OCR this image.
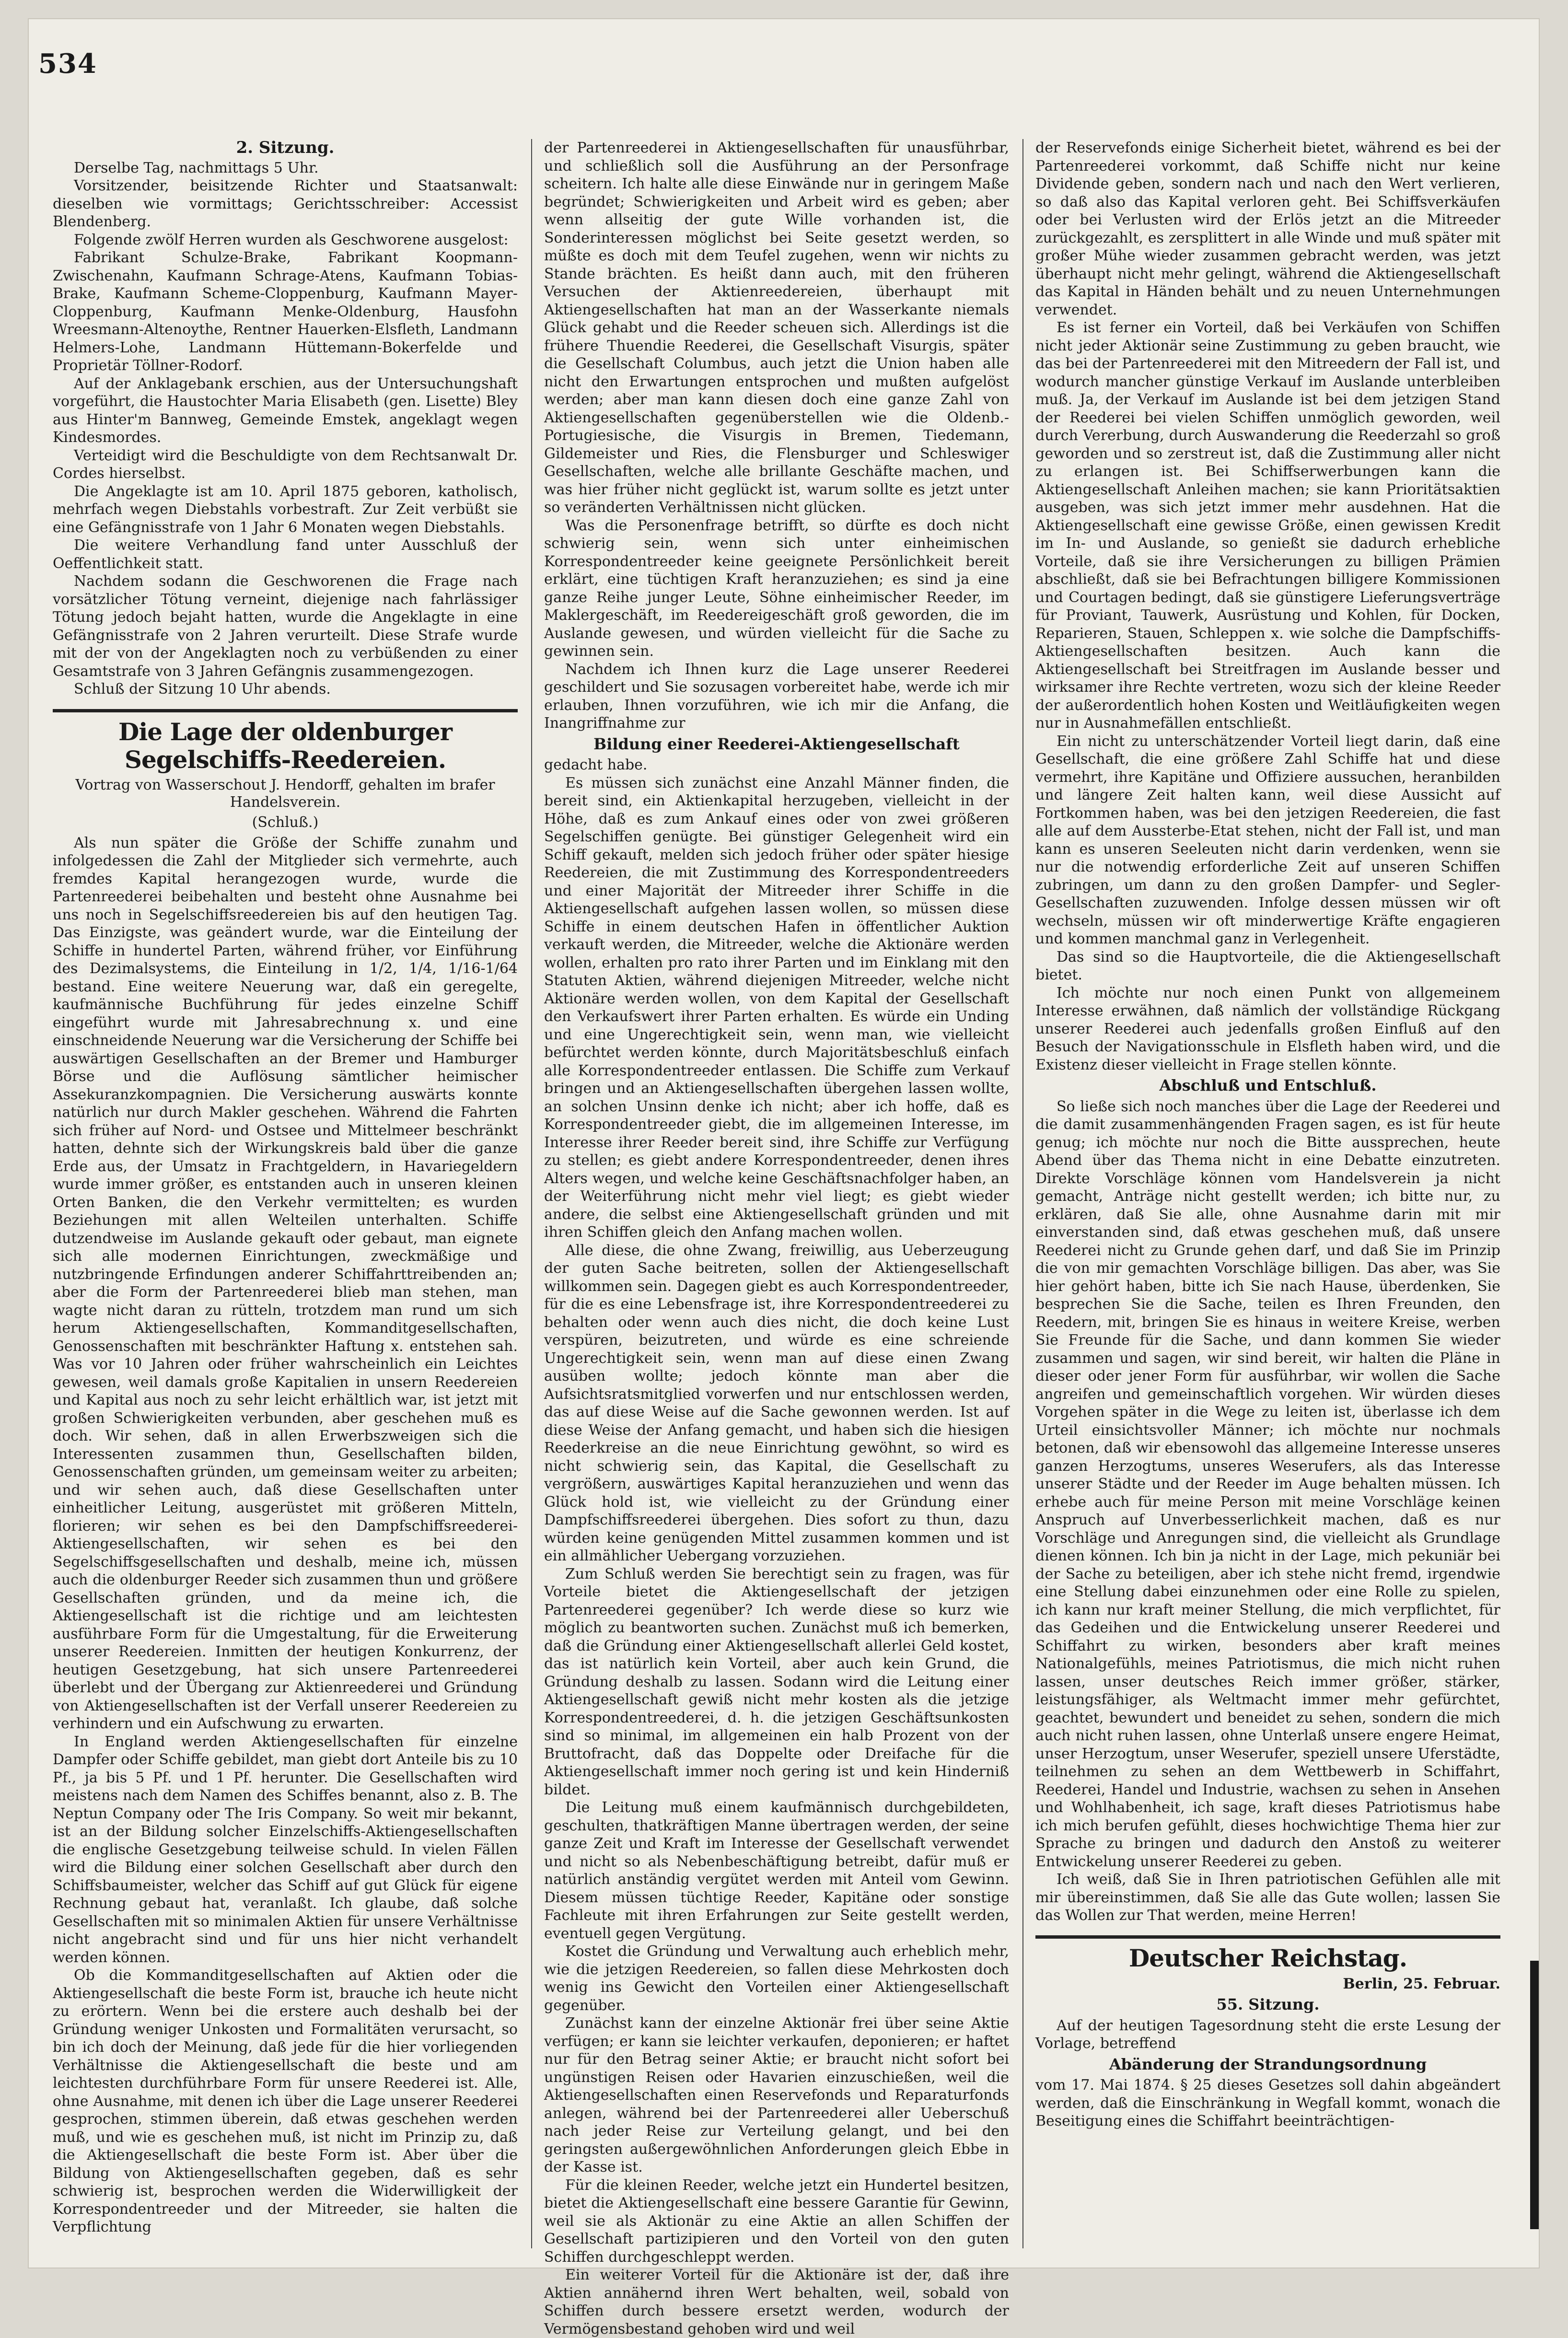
534
2. Sitzung.

Derselbe Tag, nachmittags 5 Uhr.

Vorsitzender, beisitzende Richter und Staatsanwalt: dieselben wie vormittags; Gerichtsschreiber: Accessist Blendenberg.

Folgende zwölf Herren wurden als Geschworene ausgelost:

Fabrikant Schulze-Brake, Fabrikant Koopmann-Zwischenahn, Kaufmann Schrage-Atens, Kaufmann Tobias-Brake, Kaufmann Scheme-Cloppenburg, Kaufmann Mayer-Cloppenburg, Kaufmann Menke-Oldenburg, Hausfohn Wreesmann-Altenoythe, Rentner Hauerken-Elsfleth, Landmann Helmers-Lohe, Landmann Hüttemann-Bokerfelde und Proprietär Töllner-Rodorf.

Auf der Anklagebank erschien, aus der Untersuchungshaft vorgeführt, die Haustochter Maria Elisabeth (gen. Lisette) Bley aus Hinter'm Bannweg, Gemeinde Emstek, angeklagt wegen Kindesmordes.

Verteidigt wird die Beschuldigte von dem Rechtsanwalt Dr. Cordes hierselbst.

Die Angeklagte ist am 10. April 1875 geboren, katholisch, mehrfach wegen Diebstahls vorbestraft. Zur Zeit verbüßt sie eine Gefängnisstrafe von 1 Jahr 6 Monaten wegen Diebstahls.

Die weitere Verhandlung fand unter Ausschluß der Oeffentlichkeit statt.

Nachdem sodann die Geschworenen die Frage nach vorsätzlicher Tötung verneint, diejenige nach fahrlässiger Tötung jedoch bejaht hatten, wurde die Angeklagte in eine Gefängnisstrafe von 2 Jahren verurteilt. Diese Strafe wurde mit der von der Angeklagten noch zu verbüßenden zu einer Gesamtstrafe von 3 Jahren Gefängnis zusammengezogen.

Schluß der Sitzung 10 Uhr abends.

Die Lage der oldenburger Segelschiffs-Reedereien.
Vortrag von Wasserschout J. Hendorff, gehalten im brafer Handelsverein.
(Schluß.)

Als nun später die Größe der Schiffe zunahm und infolgedessen die Zahl der Mitglieder sich vermehrte, auch fremdes Kapital herangezogen wurde, wurde die Partenreederei beibehalten und besteht ohne Ausnahme bei uns noch in Segelschiffsreedereien bis auf den heutigen Tag. Das Einzigste, was geändert wurde, war die Einteilung der Schiffe in hundertel Parten, während früher, vor Einführung des Dezimalsystems, die Einteilung in 1/2, 1/4, 1/16-1/64 bestand. Eine weitere Neuerung war, daß ein geregelte, kaufmännische Buchführung für jedes einzelne Schiff eingeführt wurde mit Jahresabrechnung x. und eine einschneidende Neuerung war die Versicherung der Schiffe bei auswärtigen Gesellschaften an der Bremer und Hamburger Börse und die Auflösung sämtlicher heimischer Assekuranzkompagnien. Die Versicherung auswärts konnte natürlich nur durch Makler geschehen. Während die Fahrten sich früher auf Nord- und Ostsee und Mittelmeer beschränkt hatten, dehnte sich der Wirkungskreis bald über die ganze Erde aus, der Umsatz in Frachtgeldern, in Havariegeldern wurde immer größer, es entstanden auch in unseren kleinen Orten Banken, die den Verkehr vermittelten; es wurden Beziehungen mit allen Welteilen unterhalten. Schiffe dutzendweise im Auslande gekauft oder gebaut, man eignete sich alle modernen Einrichtungen, zweckmäßige und nutzbringende Erfindungen anderer Schiffahrttreibenden an; aber die Form der Partenreederei blieb man stehen, man wagte nicht daran zu rütteln, trotzdem man rund um sich herum Aktiengesellschaften, Kommanditgesellschaften, Genossenschaften mit beschränkter Haftung x. entstehen sah. Was vor 10 Jahren oder früher wahrscheinlich ein Leichtes gewesen, weil damals große Kapitalien in unsern Reedereien und Kapital aus noch zu sehr leicht erhältlich war, ist jetzt mit großen Schwierigkeiten verbunden, aber geschehen muß es doch. Wir sehen, daß in allen Erwerbszweigen sich die Interessenten zusammen thun, Gesellschaften bilden, Genossenschaften gründen, um gemeinsam weiter zu arbeiten; und wir sehen auch, daß diese Gesellschaften unter einheitlicher Leitung, ausgerüstet mit größeren Mitteln, florieren; wir sehen es bei den Dampfschiffsreederei-Aktiengesellschaften, wir sehen es bei den Segelschiffsgesellschaften und deshalb, meine ich, müssen auch die oldenburger Reeder sich zusammen thun und größere Gesellschaften gründen, und da meine ich, die Aktiengesellschaft ist die richtige und am leichtesten ausführbare Form für die Umgestaltung, für die Erweiterung unserer Reedereien. Inmitten der heutigen Konkurrenz, der heutigen Gesetzgebung, hat sich unsere Partenreederei überlebt und der Übergang zur Aktienreederei und Gründung von Aktiengesellschaften ist der Verfall unserer Reedereien zu verhindern und ein Aufschwung zu erwarten.

In England werden Aktiengesellschaften für einzelne Dampfer oder Schiffe gebildet, man giebt dort Anteile bis zu 10 Pf., ja bis 5 Pf. und 1 Pf. herunter. Die Gesellschaften wird meistens nach dem Namen des Schiffes benannt, also z. B. The Neptun Company oder The Iris Company. So weit mir bekannt, ist an der Bildung solcher Einzelschiffs-Aktiengesellschaften die englische Gesetzgebung teilweise schuld. In vielen Fällen wird die Bildung einer solchen Gesellschaft aber durch den Schiffsbaumeister, welcher das Schiff auf gut Glück für eigene Rechnung gebaut hat, veranlaßt. Ich glaube, daß solche Gesellschaften mit so minimalen Aktien für unsere Verhältnisse nicht angebracht sind und für uns hier nicht verhandelt werden können.

Ob die Kommanditgesellschaften auf Aktien oder die Aktiengesellschaft die beste Form ist, brauche ich heute nicht zu erörtern. Wenn bei die erstere auch deshalb bei der Gründung weniger Unkosten und Formalitäten verursacht, so bin ich doch der Meinung, daß jede für die hier vorliegenden Verhältnisse die Aktiengesellschaft die beste und am leichtesten durchführbare Form für unsere Reederei ist. Alle, ohne Ausnahme, mit denen ich über die Lage unserer Reederei gesprochen, stimmen überein, daß etwas geschehen werden muß, und wie es geschehen muß, ist nicht im Prinzip zu, daß die Aktiengesellschaft die beste Form ist. Aber über die Bildung von Aktiengesellschaften gegeben, daß es sehr schwierig ist, besprochen werden die Widerwilligkeit der Korrespondentreeder und der Mitreeder, sie halten die Verpflichtung

der Partenreederei in Aktiengesellschaften für unausführbar, und schließlich soll die Ausführung an der Personfrage scheitern. Ich halte alle diese Einwände nur in geringem Maße begründet; Schwierigkeiten und Arbeit wird es geben; aber wenn allseitig der gute Wille vorhanden ist, die Sonderinteressen möglichst bei Seite gesetzt werden, so müßte es doch mit dem Teufel zugehen, wenn wir nichts zu Stande brächten. Es heißt dann auch, mit den früheren Versuchen der Aktienreedereien, überhaupt mit Aktiengesellschaften hat man an der Wasserkante niemals Glück gehabt und die Reeder scheuen sich. Allerdings ist die frühere Thuendie Reederei, die Gesellschaft Visurgis, später die Gesellschaft Columbus, auch jetzt die Union haben alle nicht den Erwartungen entsprochen und mußten aufgelöst werden; aber man kann diesen doch eine ganze Zahl von Aktiengesellschaften gegenüberstellen wie die Oldenb.-Portugiesische, die Visurgis in Bremen, Tiedemann, Gildemeister und Ries, die Flensburger und Schleswiger Gesellschaften, welche alle brillante Geschäfte machen, und was hier früher nicht geglückt ist, warum sollte es jetzt unter so veränderten Verhältnissen nicht glücken.

Was die Personenfrage betrifft, so dürfte es doch nicht schwierig sein, wenn sich unter einheimischen Korrespondentreeder keine geeignete Persönlichkeit bereit erklärt, eine tüchtigen Kraft heranzuziehen; es sind ja eine ganze Reihe junger Leute, Söhne einheimischer Reeder, im Maklergeschäft, im Reedereigeschäft groß geworden, die im Auslande gewesen, und würden vielleicht für die Sache zu gewinnen sein.

Nachdem ich Ihnen kurz die Lage unserer Reederei geschildert und Sie sozusagen vorbereitet habe, werde ich mir erlauben, Ihnen vorzuführen, wie ich mir die Anfang, die Inangriffnahme zur

Bildung einer Reederei-Aktiengesellschaft

gedacht habe.

Es müssen sich zunächst eine Anzahl Männer finden, die bereit sind, ein Aktienkapital herzugeben, vielleicht in der Höhe, daß es zum Ankauf eines oder von zwei größeren Segelschiffen genügte. Bei günstiger Gelegenheit wird ein Schiff gekauft, melden sich jedoch früher oder später hiesige Reedereien, die mit Zustimmung des Korrespondentreeders und einer Majorität der Mitreeder ihrer Schiffe in die Aktiengesellschaft aufgehen lassen wollen, so müssen diese Schiffe in einem deutschen Hafen in öffentlicher Auktion verkauft werden, die Mitreeder, welche die Aktionäre werden wollen, erhalten pro rato ihrer Parten und im Einklang mit den Statuten Aktien, während diejenigen Mitreeder, welche nicht Aktionäre werden wollen, von dem Kapital der Gesellschaft den Verkaufswert ihrer Parten erhalten. Es würde ein Unding und eine Ungerechtigkeit sein, wenn man, wie vielleicht befürchtet werden könnte, durch Majoritätsbeschluß einfach alle Korrespondentreeder entlassen. Die Schiffe zum Verkauf bringen und an Aktiengesellschaften übergehen lassen wollte, an solchen Unsinn denke ich nicht; aber ich hoffe, daß es Korrespondentreeder giebt, die im allgemeinen Interesse, im Interesse ihrer Reeder bereit sind, ihre Schiffe zur Verfügung zu stellen; es giebt andere Korrespondentreeder, denen ihres Alters wegen, und welche keine Geschäftsnachfolger haben, an der Weiterführung nicht mehr viel liegt; es giebt wieder andere, die selbst eine Aktiengesellschaft gründen und mit ihren Schiffen gleich den Anfang machen wollen.

Alle diese, die ohne Zwang, freiwillig, aus Ueberzeugung der guten Sache beitreten, sollen der Aktiengesellschaft willkommen sein. Dagegen giebt es auch Korrespondentreeder, für die es eine Lebensfrage ist, ihre Korrespondentreederei zu behalten oder wenn auch dies nicht, die doch keine Lust verspüren, beizutreten, und würde es eine schreiende Ungerechtigkeit sein, wenn man auf diese einen Zwang ausüben wollte; jedoch könnte man aber die Aufsichtsratsmitglied vorwerfen und nur entschlossen werden, das auf diese Weise auf die Sache gewonnen werden. Ist auf diese Weise der Anfang gemacht, und haben sich die hiesigen Reederkreise an die neue Einrichtung gewöhnt, so wird es nicht schwierig sein, das Kapital, die Gesellschaft zu vergrößern, auswärtiges Kapital heranzuziehen und wenn das Glück hold ist, wie vielleicht zu der Gründung einer Dampfschiffsreederei übergehen. Dies sofort zu thun, dazu würden keine genügenden Mittel zusammen kommen und ist ein allmählicher Uebergang vorzuziehen.

Zum Schluß werden Sie berechtigt sein zu fragen, was für Vorteile bietet die Aktiengesellschaft der jetzigen Partenreederei gegenüber? Ich werde diese so kurz wie möglich zu beantworten suchen. Zunächst muß ich bemerken, daß die Gründung einer Aktiengesellschaft allerlei Geld kostet, das ist natürlich kein Vorteil, aber auch kein Grund, die Gründung deshalb zu lassen. Sodann wird die Leitung einer Aktiengesellschaft gewiß nicht mehr kosten als die jetzige Korrespondentreederei, d. h. die jetzigen Geschäftsunkosten sind so minimal, im allgemeinen ein halb Prozent von der Bruttofracht, daß das Doppelte oder Dreifache für die Aktiengesellschaft immer noch gering ist und kein Hinderniß bildet.

Die Leitung muß einem kaufmännisch durchgebildeten, geschulten, thatkräftigen Manne übertragen werden, der seine ganze Zeit und Kraft im Interesse der Gesellschaft verwendet und nicht so als Nebenbeschäftigung betreibt, dafür muß er natürlich anständig vergütet werden mit Anteil vom Gewinn. Diesem müssen tüchtige Reeder, Kapitäne oder sonstige Fachleute mit ihren Erfahrungen zur Seite gestellt werden, eventuell gegen Vergütung.

Kostet die Gründung und Verwaltung auch erheblich mehr, wie die jetzigen Reedereien, so fallen diese Mehrkosten doch wenig ins Gewicht den Vorteilen einer Aktiengesellschaft gegenüber.

Zunächst kann der einzelne Aktionär frei über seine Aktie verfügen; er kann sie leichter verkaufen, deponieren; er haftet nur für den Betrag seiner Aktie; er braucht nicht sofort bei ungünstigen Reisen oder Havarien einzuschießen, weil die Aktiengesellschaften einen Reservefonds und Reparaturfonds anlegen, während bei der Partenreederei aller Ueberschuß nach jeder Reise zur Verteilung gelangt, und bei den geringsten außergewöhnlichen Anforderungen gleich Ebbe in der Kasse ist.

Für die kleinen Reeder, welche jetzt ein Hundertel besitzen, bietet die Aktiengesellschaft eine bessere Garantie für Gewinn, weil sie als Aktionär zu eine Aktie an allen Schiffen der Gesellschaft partizipieren und den Vorteil von den guten Schiffen durchgeschleppt werden.

Ein weiterer Vorteil für die Aktionäre ist der, daß ihre Aktien annähernd ihren Wert behalten, weil, sobald von Schiffen durch bessere ersetzt werden, wodurch der Vermögensbestand gehoben wird und weil

der Reservefonds einige Sicherheit bietet, während es bei der Partenreederei vorkommt, daß Schiffe nicht nur keine Dividende geben, sondern nach und nach den Wert verlieren, so daß also das Kapital verloren geht. Bei Schiffsverkäufen oder bei Verlusten wird der Erlös jetzt an die Mitreeder zurückgezahlt, es zersplittert in alle Winde und muß später mit großer Mühe wieder zusammen gebracht werden, was jetzt überhaupt nicht mehr gelingt, während die Aktiengesellschaft das Kapital in Händen behält und zu neuen Unternehmungen verwendet.

Es ist ferner ein Vorteil, daß bei Verkäufen von Schiffen nicht jeder Aktionär seine Zustimmung zu geben braucht, wie das bei der Partenreederei mit den Mitreedern der Fall ist, und wodurch mancher günstige Verkauf im Auslande unterbleiben muß. Ja, der Verkauf im Auslande ist bei dem jetzigen Stand der Reederei bei vielen Schiffen unmöglich geworden, weil durch Vererbung, durch Auswanderung die Reederzahl so groß geworden und so zerstreut ist, daß die Zustimmung aller nicht zu erlangen ist. Bei Schiffserwerbungen kann die Aktiengesellschaft Anleihen machen; sie kann Prioritätsaktien ausgeben, was sich jetzt immer mehr ausdehnen. Hat die Aktiengesellschaft eine gewisse Größe, einen gewissen Kredit im In- und Auslande, so genießt sie dadurch erhebliche Vorteile, daß sie ihre Versicherungen zu billigen Prämien abschließt, daß sie bei Befrachtungen billigere Kommissionen und Courtagen bedingt, daß sie günstigere Lieferungsverträge für Proviant, Tauwerk, Ausrüstung und Kohlen, für Docken, Reparieren, Stauen, Schleppen x. wie solche die Dampfschiffs-Aktiengesellschaften besitzen. Auch kann die Aktiengesellschaft bei Streitfragen im Auslande besser und wirksamer ihre Rechte vertreten, wozu sich der kleine Reeder der außerordentlich hohen Kosten und Weitläufigkeiten wegen nur in Ausnahmefällen entschließt.

Ein nicht zu unterschätzender Vorteil liegt darin, daß eine Gesellschaft, die eine größere Zahl Schiffe hat und diese vermehrt, ihre Kapitäne und Offiziere aussuchen, heranbilden und längere Zeit halten kann, weil diese Aussicht auf Fortkommen haben, was bei den jetzigen Reedereien, die fast alle auf dem Aussterbe-Etat stehen, nicht der Fall ist, und man kann es unseren Seeleuten nicht darin verdenken, wenn sie nur die notwendig erforderliche Zeit auf unseren Schiffen zubringen, um dann zu den großen Dampfer- und Segler-Gesellschaften zuzuwenden. Infolge dessen müssen wir oft wechseln, müssen wir oft minderwertige Kräfte engagieren und kommen manchmal ganz in Verlegenheit.

Das sind so die Hauptvorteile, die die Aktiengesellschaft bietet.

Ich möchte nur noch einen Punkt von allgemeinem Interesse erwähnen, daß nämlich der vollständige Rückgang unserer Reederei auch jedenfalls großen Einfluß auf den Besuch der Navigationsschule in Elsfleth haben wird, und die Existenz dieser vielleicht in Frage stellen könnte.

Abschluß und Entschluß.

So ließe sich noch manches über die Lage der Reederei und die damit zusammenhängenden Fragen sagen, es ist für heute genug; ich möchte nur noch die Bitte aussprechen, heute Abend über das Thema nicht in eine Debatte einzutreten. Direkte Vorschläge können vom Handelsverein ja nicht gemacht, Anträge nicht gestellt werden; ich bitte nur, zu erklären, daß Sie alle, ohne Ausnahme darin mit mir einverstanden sind, daß etwas geschehen muß, daß unsere Reederei nicht zu Grunde gehen darf, und daß Sie im Prinzip die von mir gemachten Vorschläge billigen. Das aber, was Sie hier gehört haben, bitte ich Sie nach Hause, überdenken, Sie besprechen Sie die Sache, teilen es Ihren Freunden, den Reedern, mit, bringen Sie es hinaus in weitere Kreise, werben Sie Freunde für die Sache, und dann kommen Sie wieder zusammen und sagen, wir sind bereit, wir halten die Pläne in dieser oder jener Form für ausführbar, wir wollen die Sache angreifen und gemeinschaftlich vorgehen. Wir würden dieses Vorgehen später in die Wege zu leiten ist, überlasse ich dem Urteil einsichtsvoller Männer; ich möchte nur nochmals betonen, daß wir ebensowohl das allgemeine Interesse unseres ganzen Herzogtums, unseres Weserufers, als das Interesse unserer Städte und der Reeder im Auge behalten müssen. Ich erhebe auch für meine Person mit meine Vorschläge keinen Anspruch auf Unverbesserlichkeit machen, daß es nur Vorschläge und Anregungen sind, die vielleicht als Grundlage dienen können. Ich bin ja nicht in der Lage, mich pekuniär bei der Sache zu beteiligen, aber ich stehe nicht fremd, irgendwie eine Stellung dabei einzunehmen oder eine Rolle zu spielen, ich kann nur kraft meiner Stellung, die mich verpflichtet, für das Gedeihen und die Entwickelung unserer Reederei und Schiffahrt zu wirken, besonders aber kraft meines Nationalgefühls, meines Patriotismus, die mich nicht ruhen lassen, unser deutsches Reich immer größer, stärker, leistungsfähiger, als Weltmacht immer mehr gefürchtet, geachtet, bewundert und beneidet zu sehen, sondern die mich auch nicht ruhen lassen, ohne Unterlaß unsere engere Heimat, unser Herzogtum, unser Weserufer, speziell unsere Uferstädte, teilnehmen zu sehen an dem Wettbewerb in Schiffahrt, Reederei, Handel und Industrie, wachsen zu sehen in Ansehen und Wohlhabenheit, ich sage, kraft dieses Patriotismus habe ich mich berufen gefühlt, dieses hochwichtige Thema hier zur Sprache zu bringen und dadurch den Anstoß zu weiterer Entwickelung unserer Reederei zu geben.

Ich weiß, daß Sie in Ihren patriotischen Gefühlen alle mit mir übereinstimmen, daß Sie alle das Gute wollen; lassen Sie das Wollen zur That werden, meine Herren!

Deutscher Reichstag.
Berlin, 25. Februar.
55. Sitzung.

Auf der heutigen Tagesordnung steht die erste Lesung der Vorlage, betreffend

Abänderung der Strandungsordnung

vom 17. Mai 1874. § 25 dieses Gesetzes soll dahin abgeändert werden, daß die Einschränkung in Wegfall kommt, wonach die Beseitigung eines die Schiffahrt beeinträchtigen-
